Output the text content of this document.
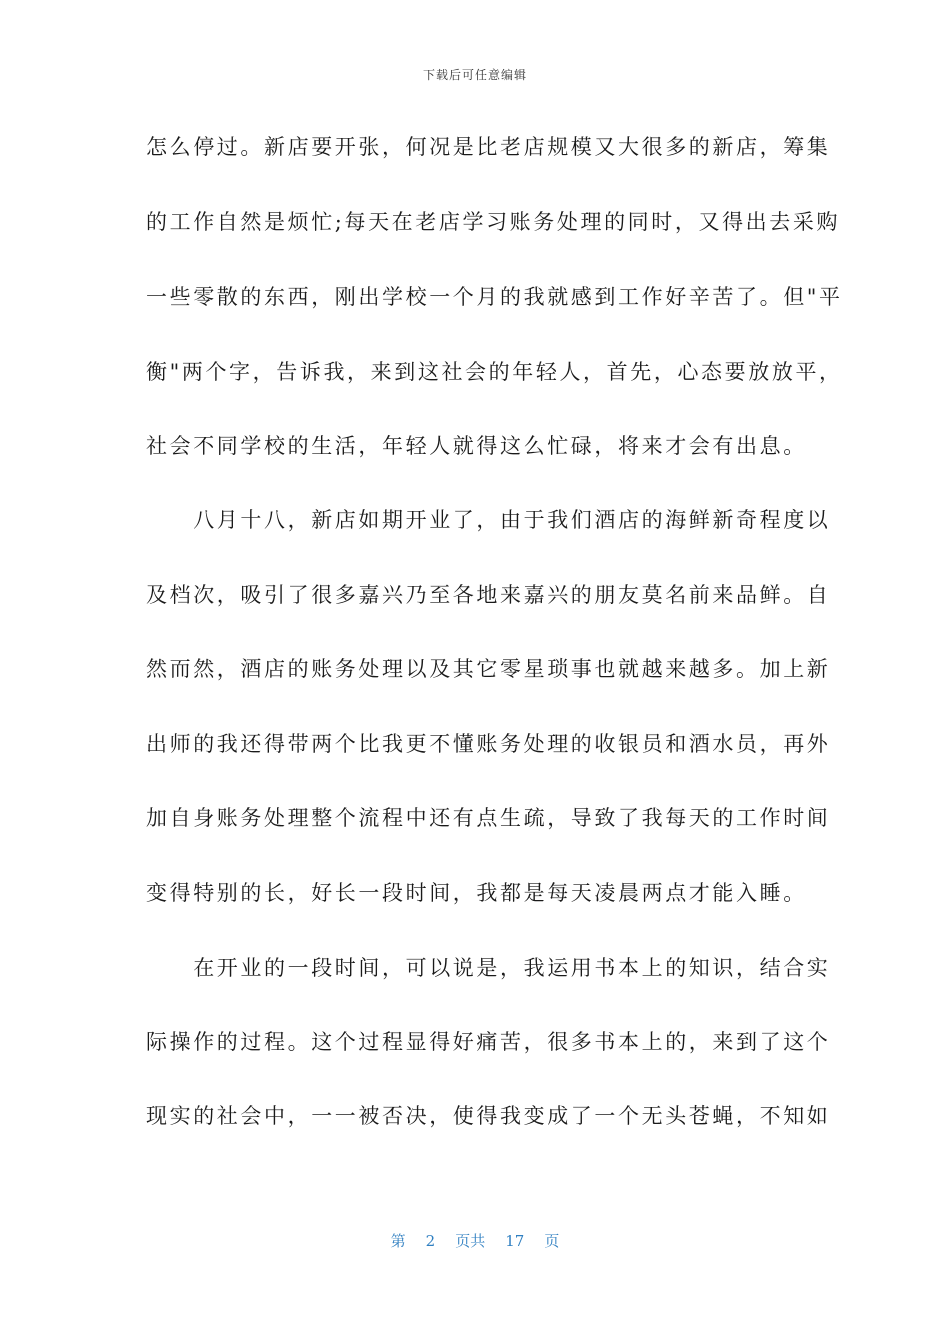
下载后可任意编辑
怎么停过。新店要开张，何况是比老店规模又大很多的新店，筹集
的工作自然是烦忙;每天在老店学习账务处理的同时，又得出去采购
一些零散的东西，刚出学校一个月的我就感到工作好辛苦了。但"平
衡"两个字，告诉我，来到这社会的年轻人，首先，心态要放放平，
社会不同学校的生活，年轻人就得这么忙碌，将来才会有出息。
　　八月十八，新店如期开业了，由于我们酒店的海鲜新奇程度以
及档次，吸引了很多嘉兴乃至各地来嘉兴的朋友莫名前来品鲜。自
然而然，酒店的账务处理以及其它零星琐事也就越来越多。加上新
出师的我还得带两个比我更不懂账务处理的收银员和酒水员，再外
加自身账务处理整个流程中还有点生疏，导致了我每天的工作时间
变得特别的长，好长一段时间，我都是每天凌晨两点才能入睡。
　　在开业的一段时间，可以说是，我运用书本上的知识，结合实
际操作的过程。这个过程显得好痛苦，很多书本上的，来到了这个
现实的社会中，一一被否决，使得我变成了一个无头苍蝇，不知如
第 2 页共 17 页
